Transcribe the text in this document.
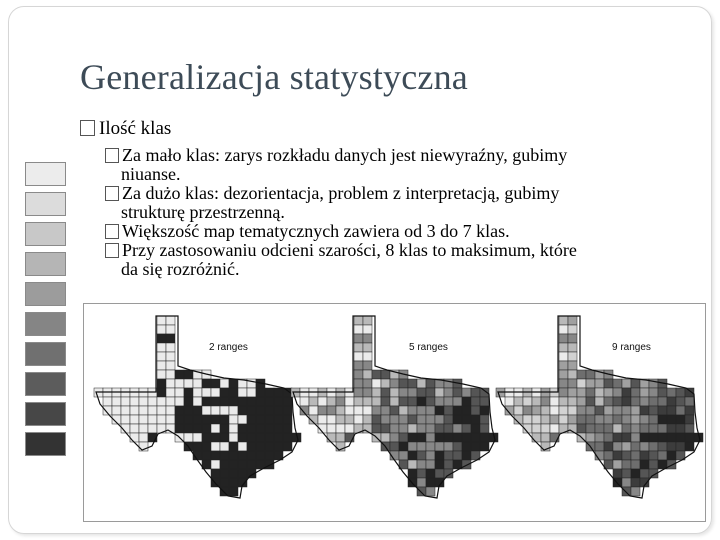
Generalizacja statystyczna
Ilość klas
Za mało klas: zarys rozkładu danych jest niewyraźny, gubimy
niuanse.
Za dużo klas: dezorientacja, problem z interpretacją, gubimy
strukturę przestrzenną.
Większość map tematycznych zawiera od 3 do 7 klas.
Przy zastosowaniu odcieni szarości, 8 klas to maksimum, które
da się rozróżnić.
2 ranges	5 ranges	9 ranges
